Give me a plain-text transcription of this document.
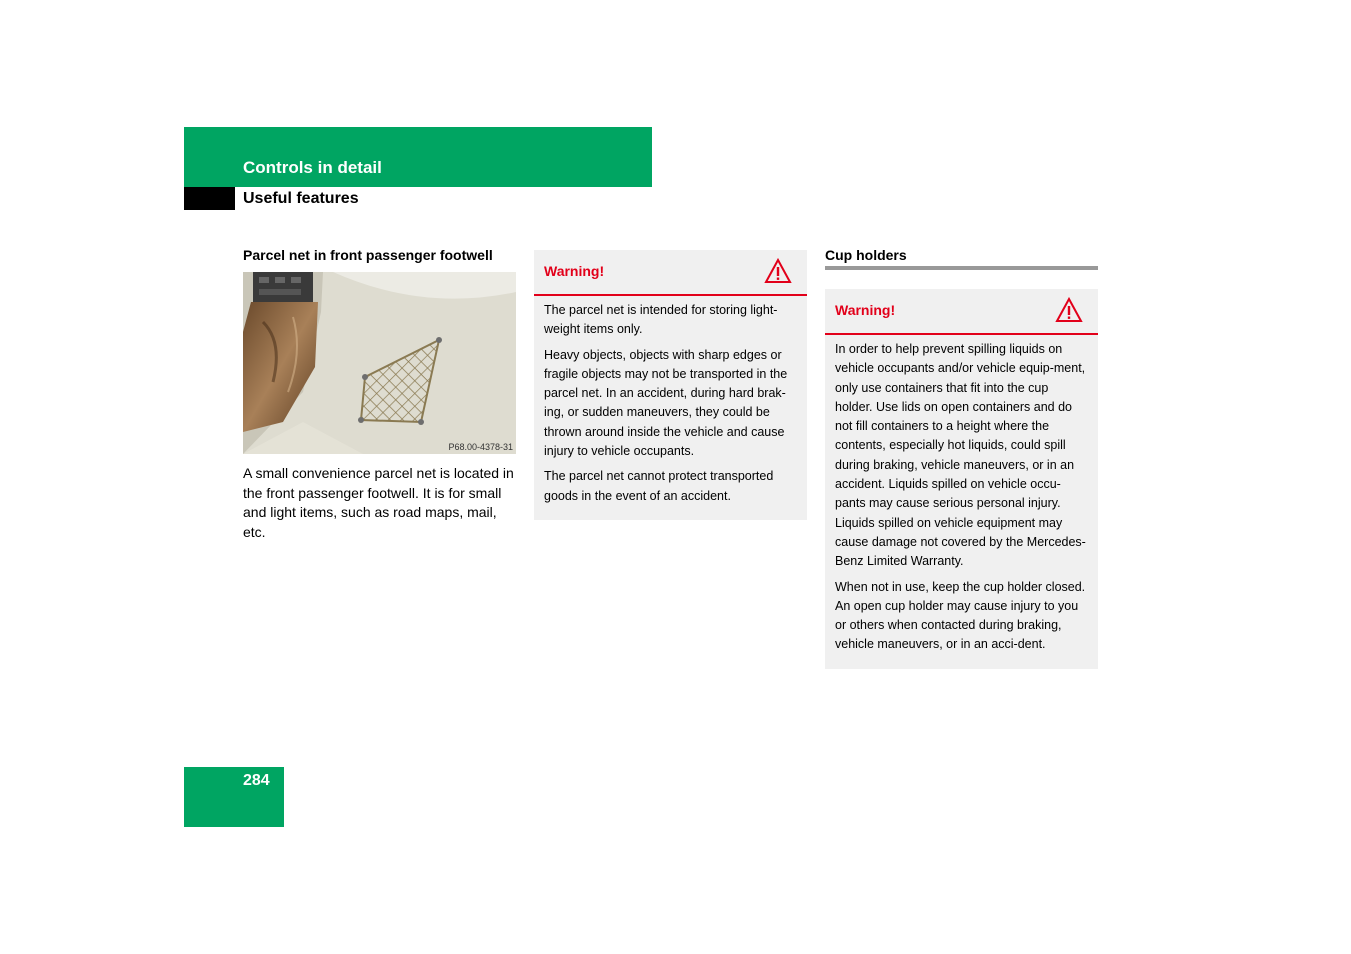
Controls in detail
Useful features
Parcel net in front passenger footwell
P68.00-4378-31

A small convenience parcel net is located in the front passenger footwell. It is for small and light items, such as road maps, mail, etc.

Warning!

The parcel net is intended for storing light-weight items only.

Heavy objects, objects with sharp edges or fragile objects may not be transported in the parcel net. In an accident, during hard brak-ing, or sudden maneuvers, they could be thrown around inside the vehicle and cause injury to vehicle occupants.

The parcel net cannot protect transported goods in the event of an accident.

Cup holders
Warning!

In order to help prevent spilling liquids on vehicle occupants and/or vehicle equip-ment, only use containers that fit into the cup holder. Use lids on open containers and do not fill containers to a height where the contents, especially hot liquids, could spill during braking, vehicle maneuvers, or in an accident. Liquids spilled on vehicle occu-pants may cause serious personal injury. Liquids spilled on vehicle equipment may cause damage not covered by the Mercedes-Benz Limited Warranty.

When not in use, keep the cup holder closed. An open cup holder may cause injury to you or others when contacted during braking, vehicle maneuvers, or in an acci-dent.

284
